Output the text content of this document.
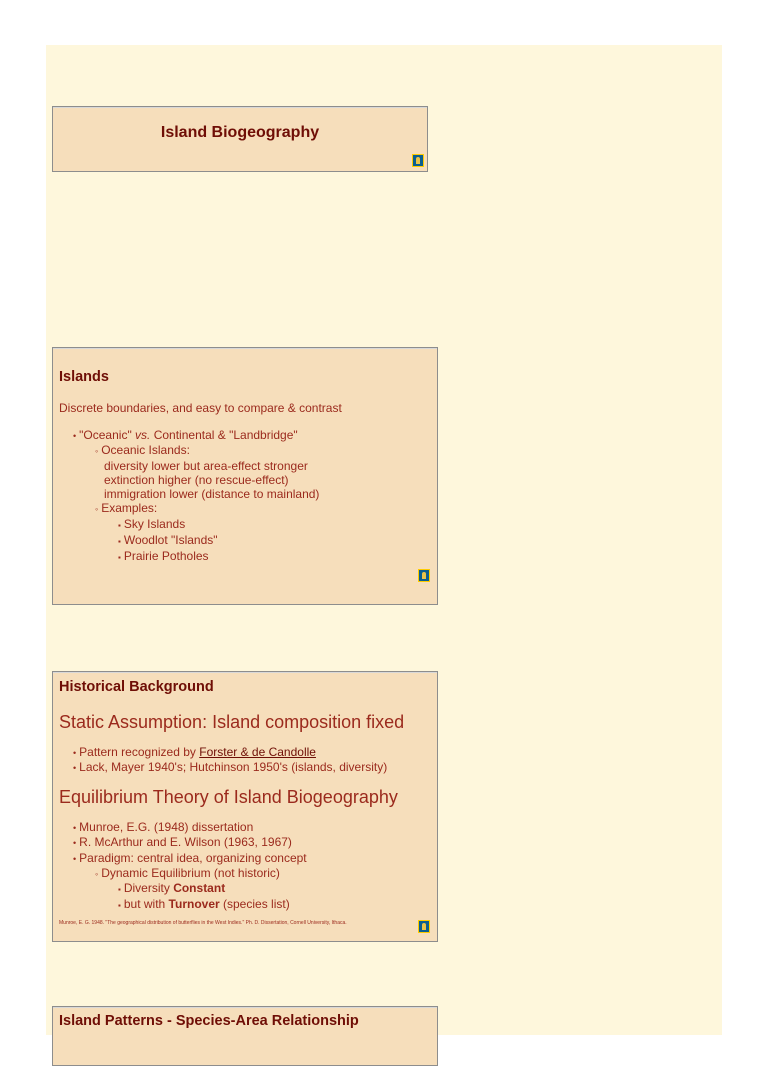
Island Biogeography
Islands
Discrete boundaries, and easy to compare & contrast
• "Oceanic" vs. Continental & "Landbridge"
◦ Oceanic Islands:
diversity lower but area-effect stronger
extinction higher (no rescue-effect)
immigration lower (distance to mainland)
◦ Examples:
▪ Sky Islands
▪ Woodlot "Islands"
▪ Prairie Potholes
Historical Background
Static Assumption: Island composition fixed
• Pattern recognized by Forster & de Candolle
• Lack, Mayer 1940's; Hutchinson 1950's (islands, diversity)
Equilibrium Theory of Island Biogeography
• Munroe, E.G. (1948) dissertation
• R. McArthur and E. Wilson (1963, 1967)
• Paradigm: central idea, organizing concept
◦ Dynamic Equilibrium (not historic)
▪ Diversity Constant
▪ but with Turnover (species list)
Munroe, E. G. 1948. "The geographical distribution of butterflies in the West Indies." Ph. D. Dissertation, Cornell University, Ithaca.
Island Patterns - Species-Area Relationship
